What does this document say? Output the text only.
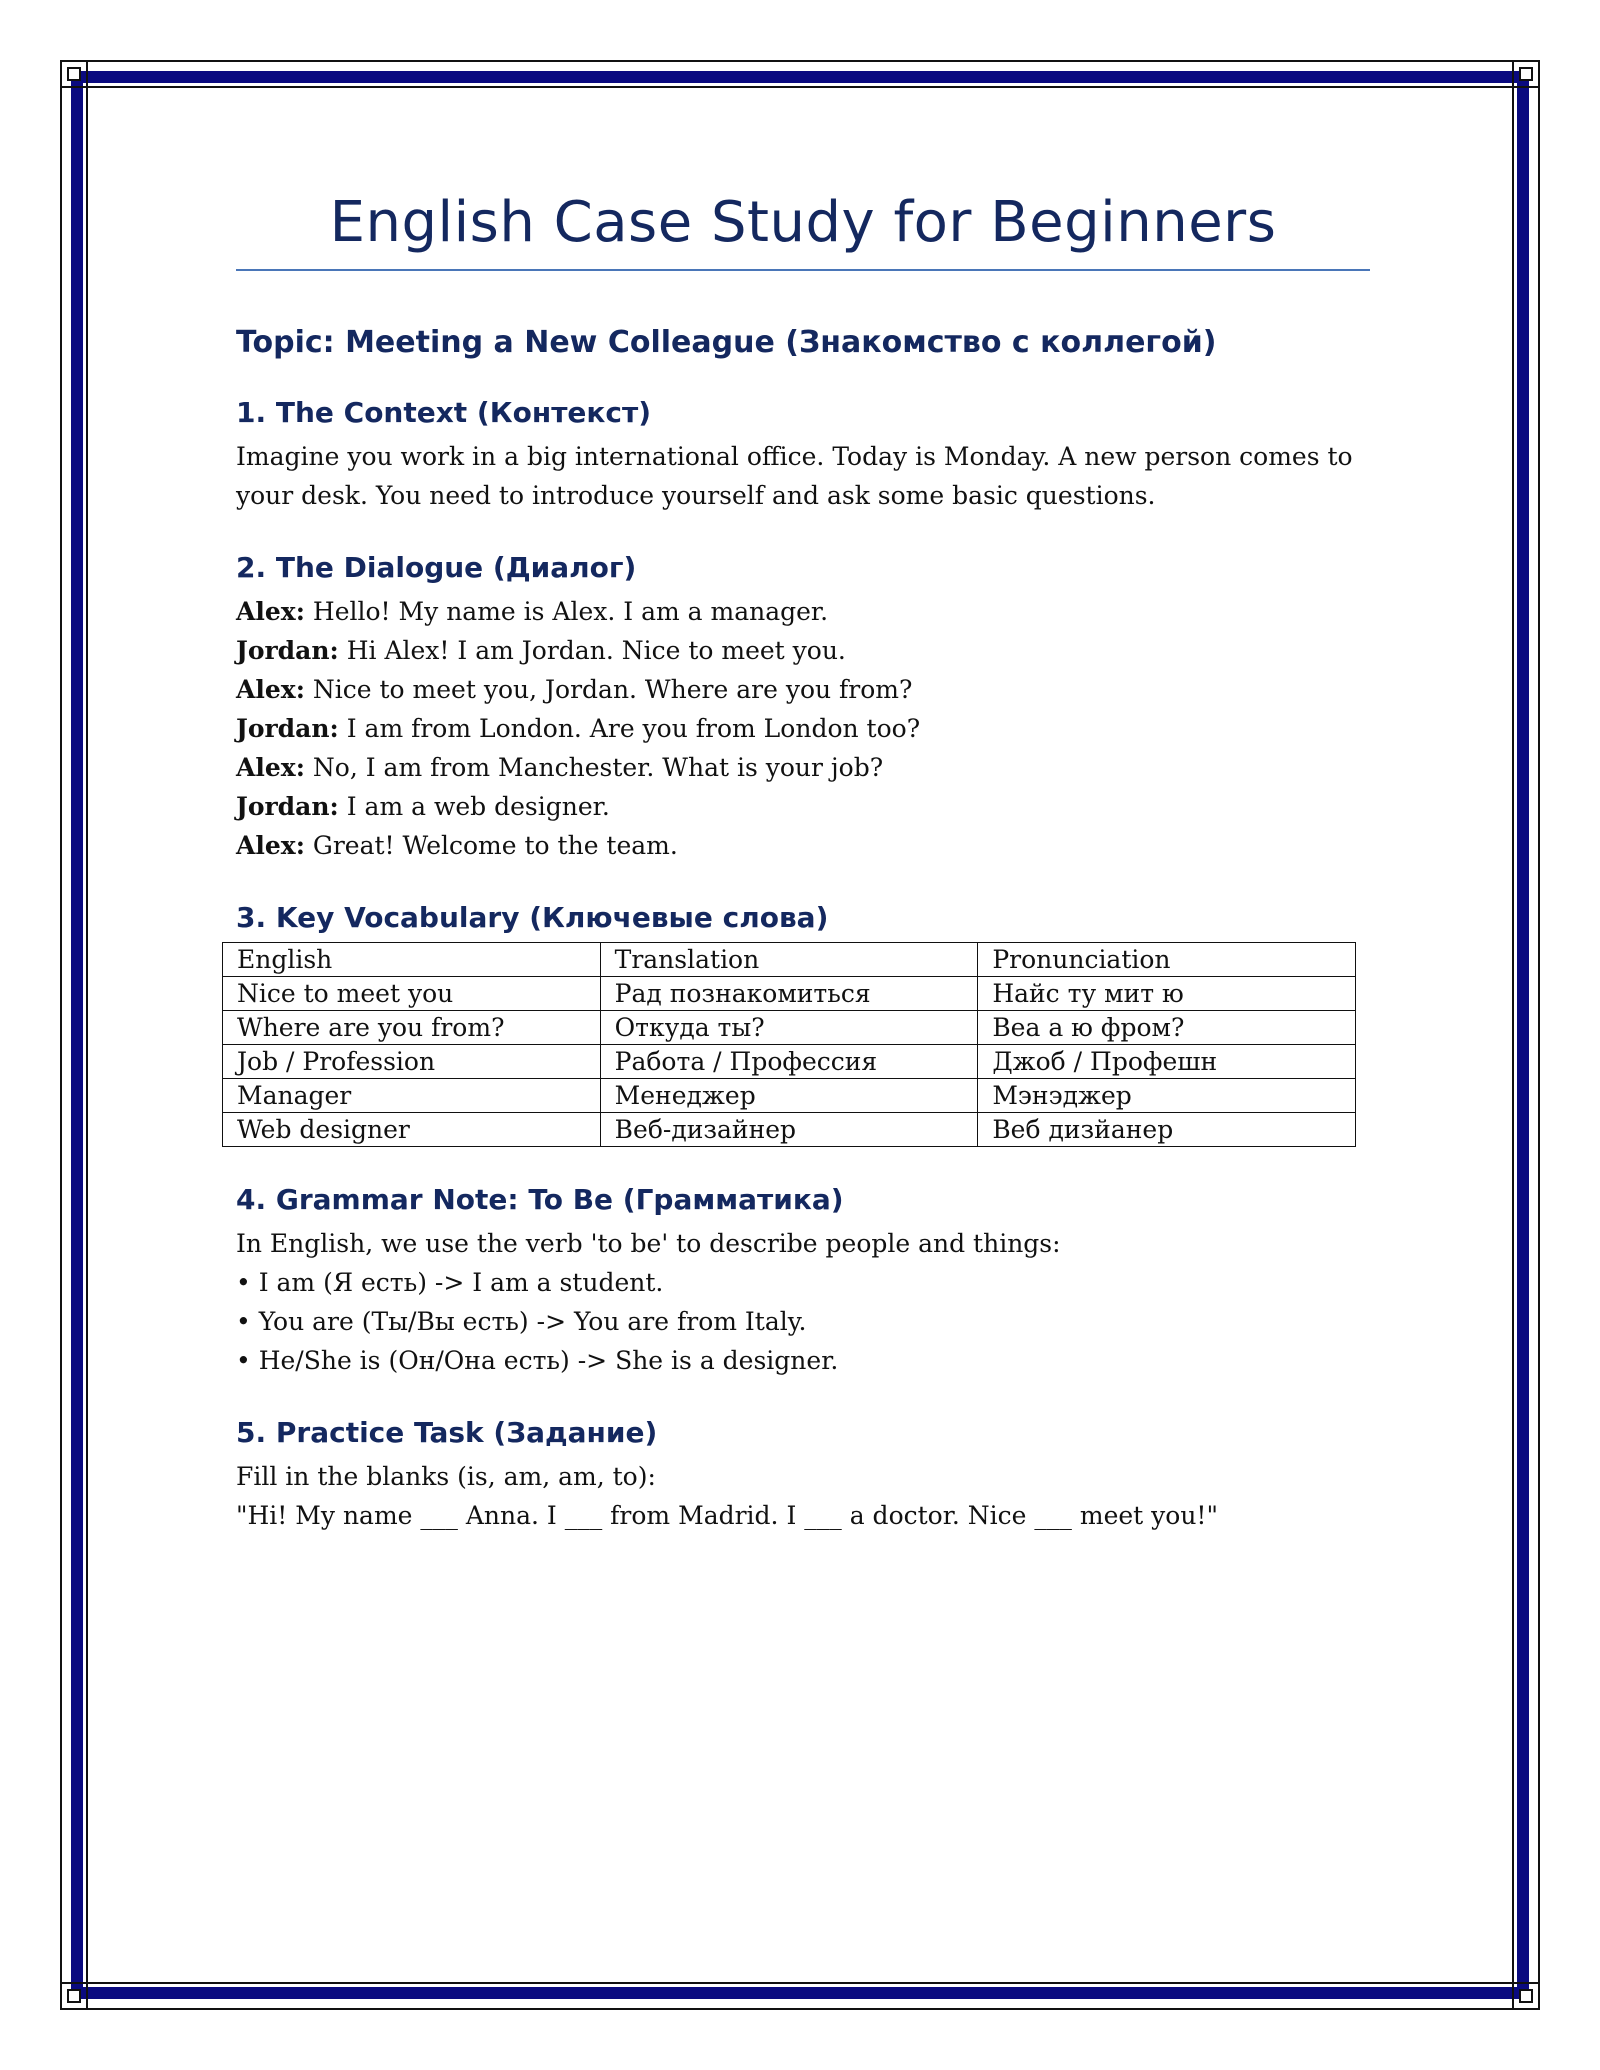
English Case Study for Beginners
Topic: Meeting a New Colleague (Знакомство с коллегой)
1. The Context (Контекст)

Imagine you work in a big international office. Today is Monday. A new person comes to your desk. You need to introduce yourself and ask some basic questions.

2. The Dialogue (Диалог)

Alex: Hello! My name is Alex. I am a manager.

Jordan: Hi Alex! I am Jordan. Nice to meet you.

Alex: Nice to meet you, Jordan. Where are you from?

Jordan: I am from London. Are you from London too?

Alex: No, I am from Manchester. What is your job?

Jordan: I am a web designer.

Alex: Great! Welcome to the team.

3. Key Vocabulary (Ключевые слова)
English	Translation	Pronunciation
Nice to meet you	Рад познакомиться	Найс ту мит ю
Where are you from?	Откуда ты?	Веа а ю фром?
Job / Profession	Работа / Профессия	Джоб / Профешн
Manager	Менеджер	Мэнэджер
Web designer	Веб-дизайнер	Веб дизйанер
4. Grammar Note: To Be (Грамматика)

In English, we use the verb 'to be' to describe people and things:

• I am (Я есть) -> I am a student.

• You are (Ты/Вы есть) -> You are from Italy.

• He/She is (Он/Она есть) -> She is a designer.

5. Practice Task (Задание)

Fill in the blanks (is, am, am, to):

"Hi! My name ___ Anna. I ___ from Madrid. I ___ a doctor. Nice ___ meet you!"
